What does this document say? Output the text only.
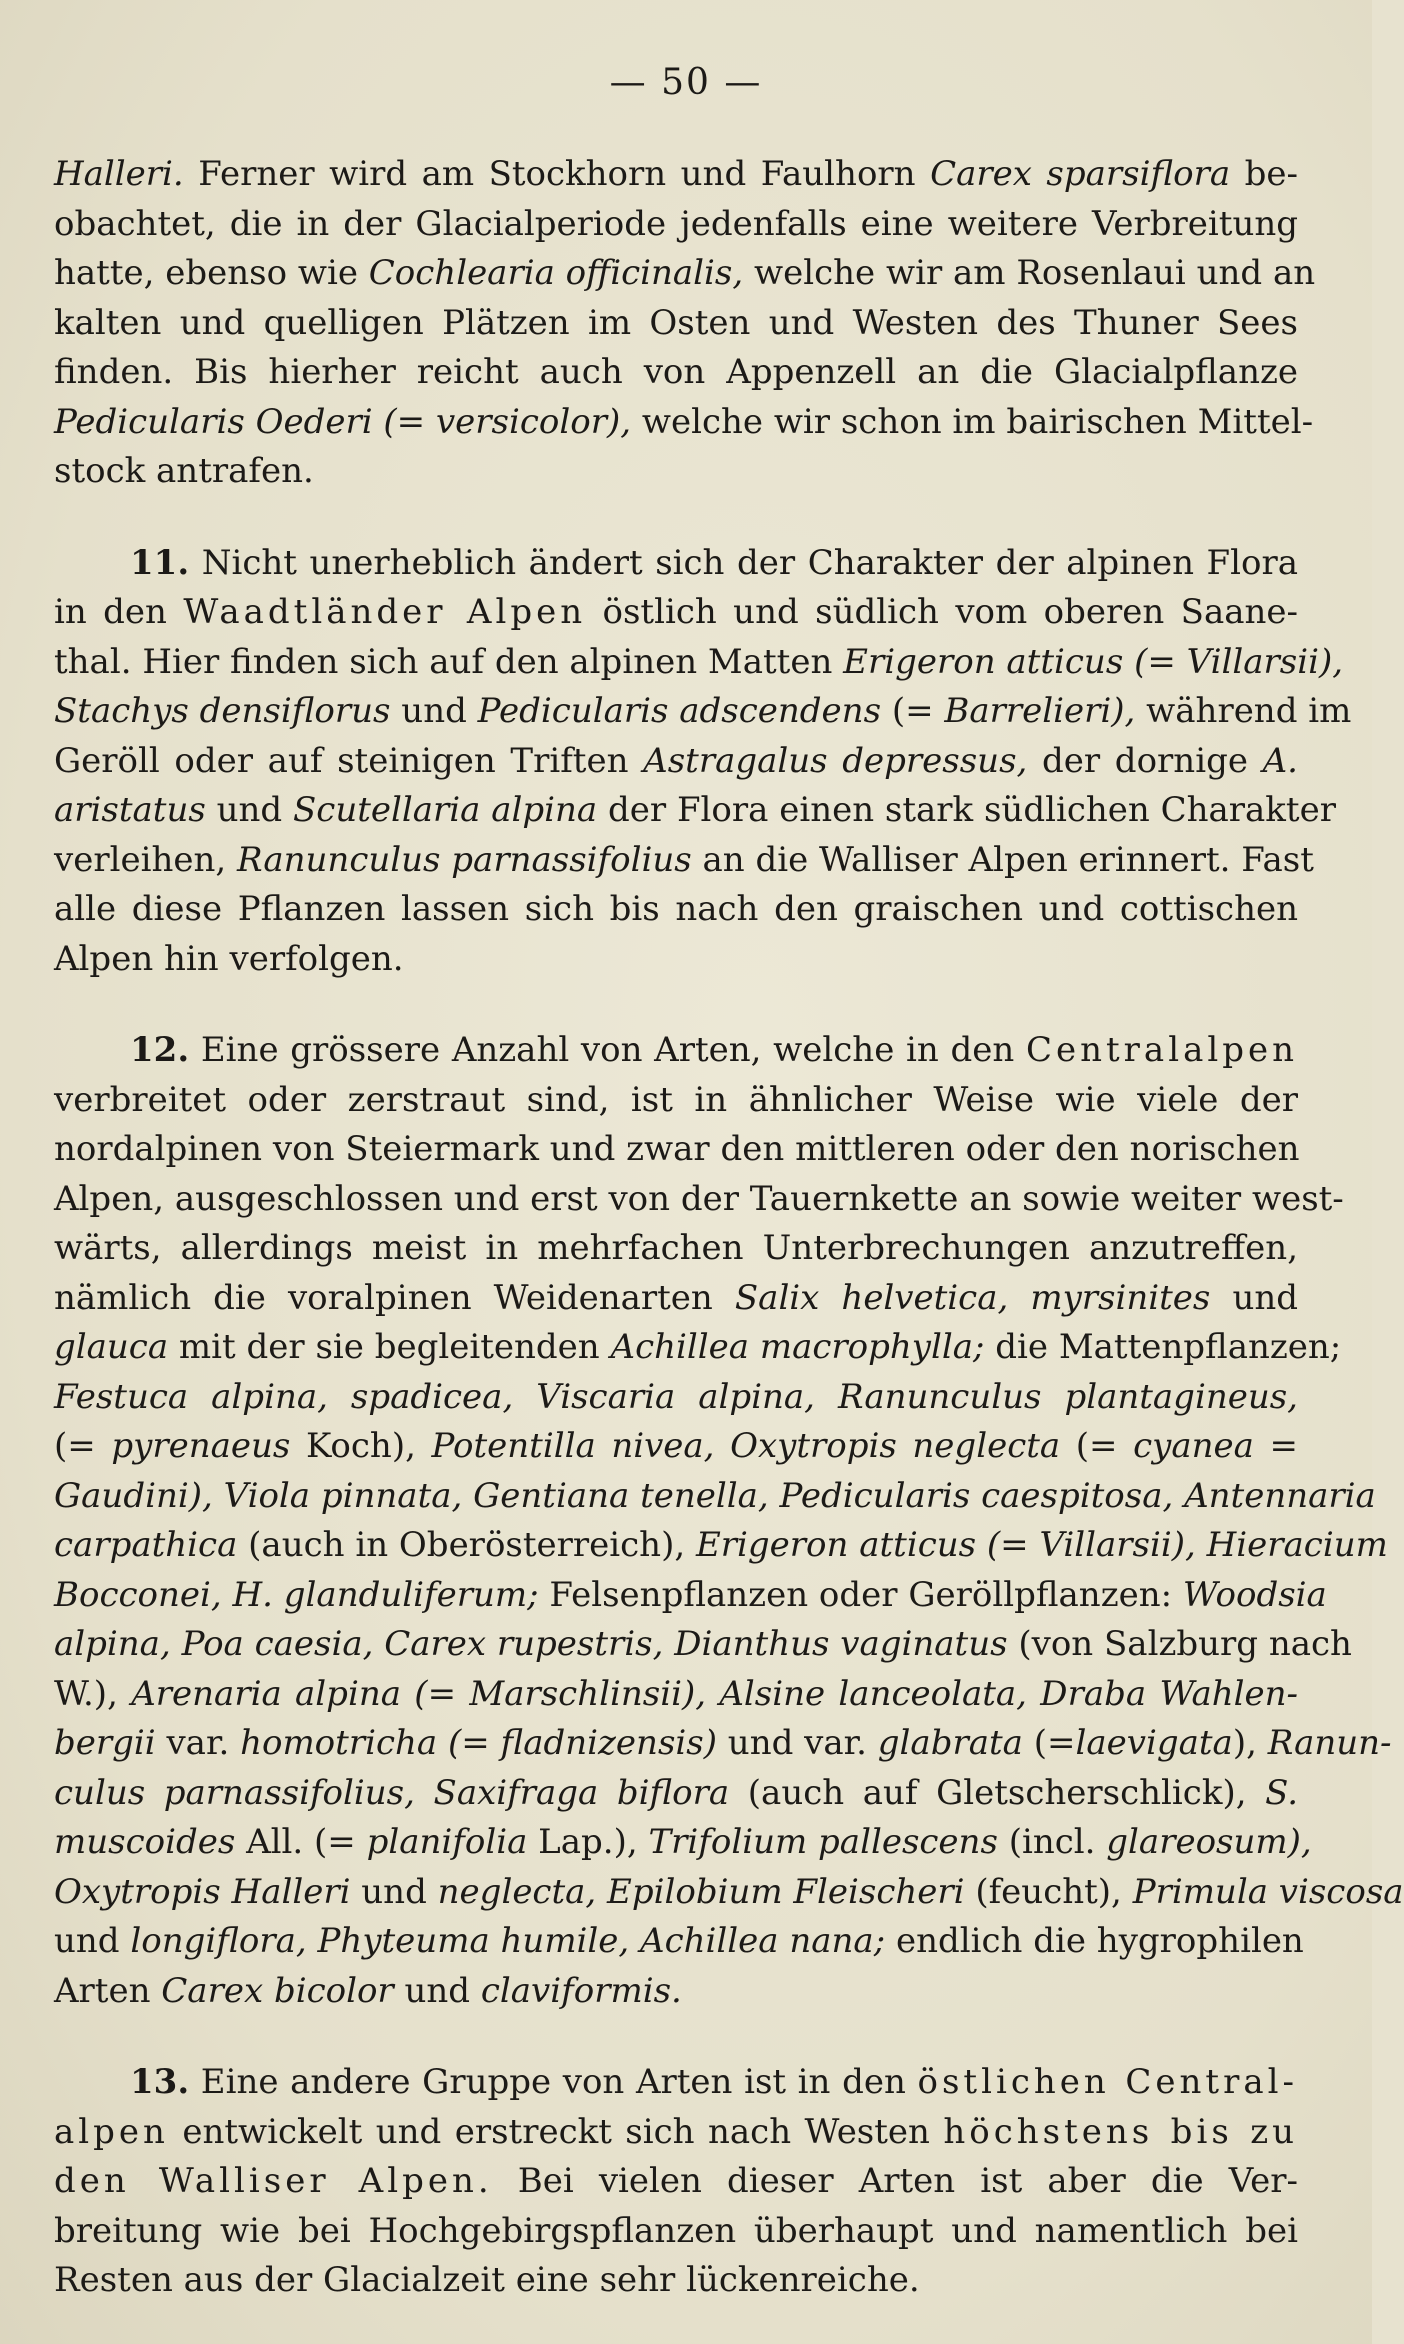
— 50 —
Halleri. Ferner wird am Stockhorn und Faulhorn Carex sparsiflora be-
obachtet, die in der Glacialperiode jedenfalls eine weitere Verbreitung
hatte, ebenso wie Cochlearia officinalis, welche wir am Rosenlaui und an
kalten und quelligen Plätzen im Osten und Westen des Thuner Sees
finden. Bis hierher reicht auch von Appenzell an die Glacialpflanze
Pedicularis Oederi (= versicolor), welche wir schon im bairischen Mittel-
stock antrafen.
11. Nicht unerheblich ändert sich der Charakter der alpinen Flora
in den Waadtländer Alpen östlich und südlich vom oberen Saane-
thal. Hier finden sich auf den alpinen Matten Erigeron atticus (= Villarsii),
Stachys densiflorus und Pedicularis adscendens (= Barrelieri), während im
Geröll oder auf steinigen Triften Astragalus depressus, der dornige A.
aristatus und Scutellaria alpina der Flora einen stark südlichen Charakter
verleihen, Ranunculus parnassifolius an die Walliser Alpen erinnert. Fast
alle diese Pflanzen lassen sich bis nach den graischen und cottischen
Alpen hin verfolgen.
12. Eine grössere Anzahl von Arten, welche in den Centralalpen
verbreitet oder zerstraut sind, ist in ähnlicher Weise wie viele der
nordalpinen von Steiermark und zwar den mittleren oder den norischen
Alpen, ausgeschlossen und erst von der Tauernkette an sowie weiter west-
wärts, allerdings meist in mehrfachen Unterbrechungen anzutreffen,
nämlich die voralpinen Weidenarten Salix helvetica, myrsinites und
glauca mit der sie begleitenden Achillea macrophylla; die Mattenpflanzen;
Festuca alpina, spadicea, Viscaria alpina, Ranunculus plantagineus,
(= pyrenaeus Koch), Potentilla nivea, Oxytropis neglecta (= cyanea =
Gaudini), Viola pinnata, Gentiana tenella, Pedicularis caespitosa, Antennaria
carpathica (auch in Oberösterreich), Erigeron atticus (= Villarsii), Hieracium
Bocconei, H. glanduliferum; Felsenpflanzen oder Geröllpflanzen: Woodsia
alpina, Poa caesia, Carex rupestris, Dianthus vaginatus (von Salzburg nach
W.), Arenaria alpina (= Marschlinsii), Alsine lanceolata, Draba Wahlen-
bergii var. homotricha (= fladnizensis) und var. glabrata (=laevigata), Ranun-
culus parnassifolius, Saxifraga biflora (auch auf Gletscherschlick), S.
muscoides All. (= planifolia Lap.), Trifolium pallescens (incl. glareosum),
Oxytropis Halleri und neglecta, Epilobium Fleischeri (feucht), Primula viscosa
und longiflora, Phyteuma humile, Achillea nana; endlich die hygrophilen
Arten Carex bicolor und claviformis.
13. Eine andere Gruppe von Arten ist in den östlichen Central-
alpen entwickelt und erstreckt sich nach Westen höchstens bis zu
den Walliser Alpen. Bei vielen dieser Arten ist aber die Ver-
breitung wie bei Hochgebirgspflanzen überhaupt und namentlich bei
Resten aus der Glacialzeit eine sehr lückenreiche.
